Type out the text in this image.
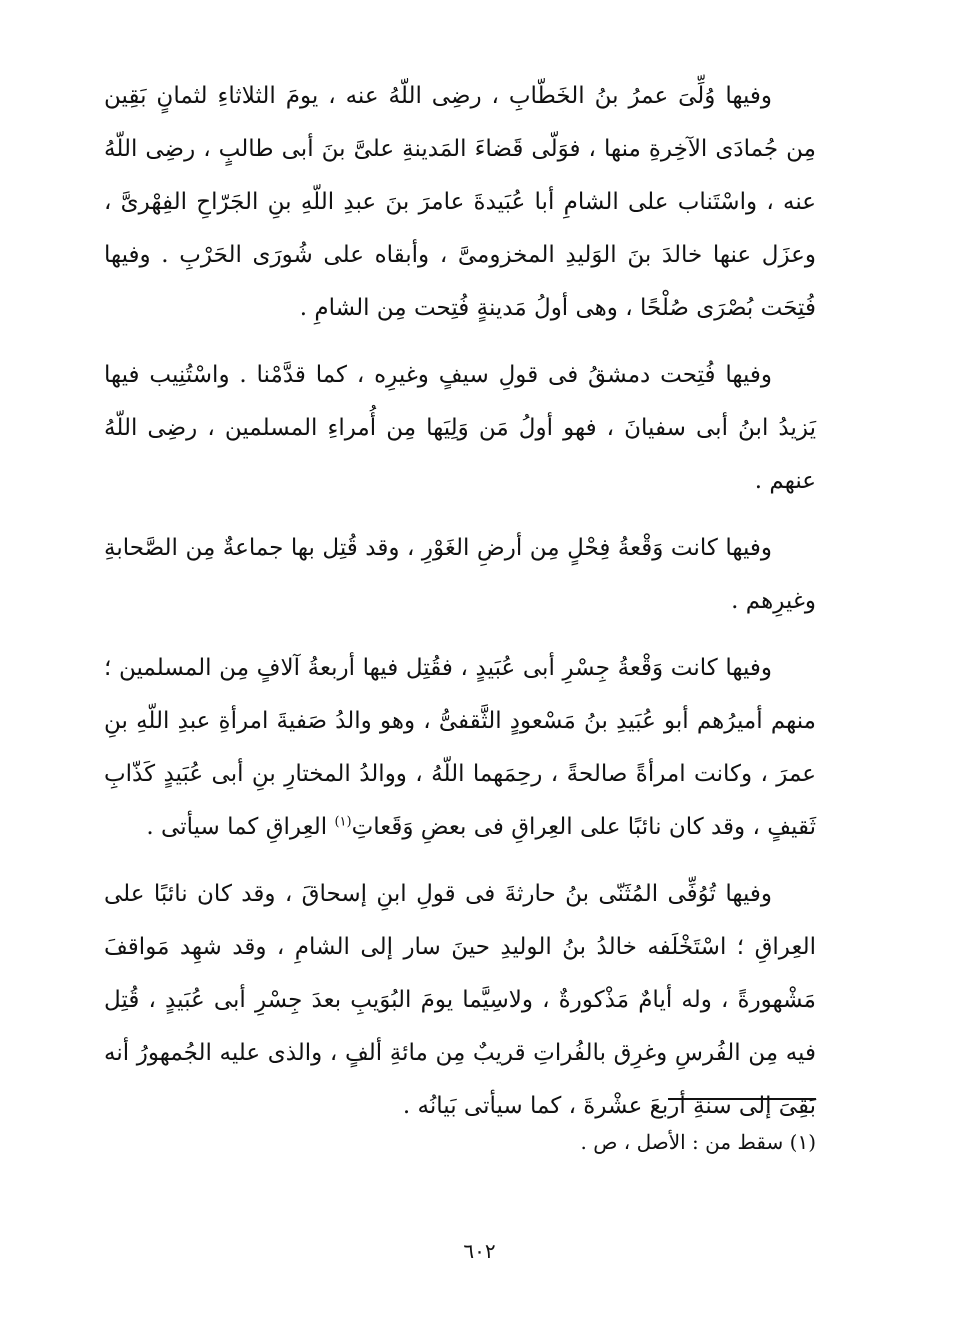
وفيها وُلِّىَ عمرُ بنُ الخَطّابِ ، رضِى اللّهُ عنه ، يومَ الثلاثاءِ لثمانٍ بَقِين مِن جُمادَى الآخِرةِ منها ، فوَلّى قَضاءَ المَدينةِ علىَّ بنَ أبى طالبٍ ، رضِى اللّهُ عنه ، واسْتَناب على الشامِ أبا عُبَيدةَ عامرَ بنَ عبدِ اللّهِ بنِ الجَرّاحِ الفِهْرىَّ ، وعزَل عنها خالدَ بنَ الوَليدِ المخزومىَّ ، وأبقاه على شُورَى الحَرْبِ . وفيها فُتِحَت بُصْرَى صُلْحًا ، وهى أولُ مَدينةٍ فُتِحت مِن الشامِ .

وفيها فُتِحت دمشقُ فى قولِ سيفٍ وغيرِه ، كما قدَّمْنا . واسْتُنِيب فيها يَزيدُ ابنُ أبى سفيانَ ، فهو أولُ مَن وَلِيَها مِن أُمراءِ المسلمين ، رضِى اللّهُ عنهم .

وفيها كانت وَقْعةُ فِحْلٍ مِن أرضِ الغَوْرِ ، وقد قُتِل بها جماعةٌ مِن الصَّحابةِ وغيرِهم .

وفيها كانت وَقْعةُ جِسْرِ أبى عُبَيدٍ ، فقُتِل فيها أربعةُ آلافٍ مِن المسلمين ؛ منهم أميرُهم أبو عُبَيدِ بنُ مَسْعودٍ الثَّقفىُّ ، وهو والدُ صَفيةَ امرأةِ عبدِ اللّهِ بنِ عمرَ ، وكانت امرأةً صالحةً ، رحِمَهما اللّهُ ، ووالدُ المختارِ بنِ أبى عُبَيدٍ كَذّابِ ثَقيفٍ ، وقد كان نائبًا على العِراقِ فى بعضِ وَقَعاتِ$^{(١)}$ العِراقِ كما سيأتى .

وفيها تُوُفِّى المُثَنّى بنُ حارثةَ فى قولِ ابنِ إسحاقَ ، وقد كان نائبًا على العِراقِ ؛ اسْتَخْلَفه خالدُ بنُ الوليدِ حينَ سار إلى الشامِ ، وقد شهِد مَواقفَ مَشْهورةً ، وله أيامٌ مَذْكورةٌ ، ولاسِيَّما يومَ البُوَيبِ بعدَ جِسْرِ أبى عُبَيدٍ ، قُتِل فيه مِن الفُرسِ وغرِق بالفُراتِ قريبٌ مِن مائةِ ألفٍ ، والذى عليه الجُمهورُ أنه بَقِىَ إلى سنةِ أربعَ عشْرةَ ، كما سيأتى بَيانُه .

(١) سقط من : الأصل ، ص .
٦٠٢
